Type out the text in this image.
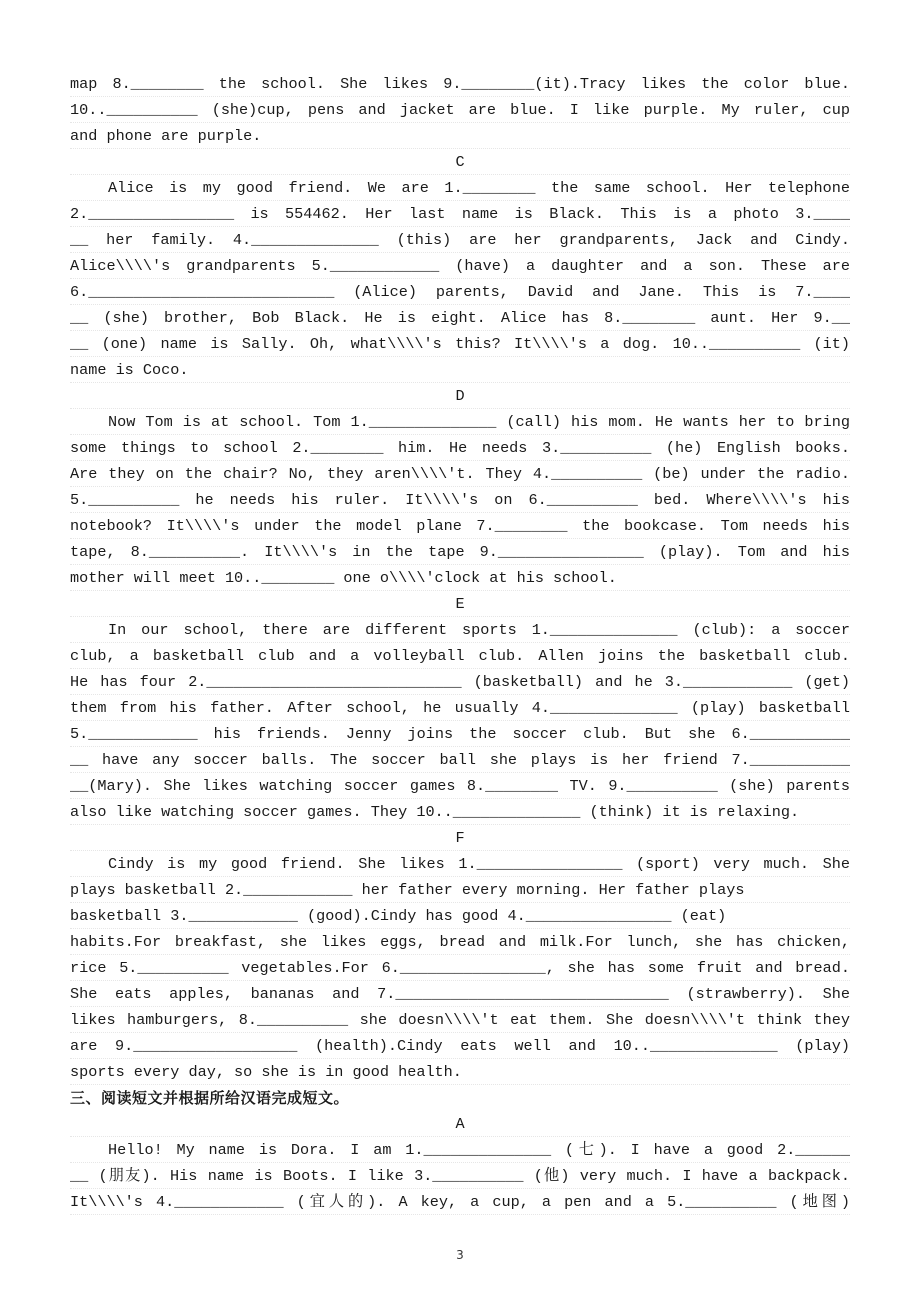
map 8.________ the school. She likes 9.________(it).Tracy likes the color blue.
10..__________ (she)cup, pens and jacket are blue. I like purple. My ruler, cup
and phone are purple.
C
Alice is my good friend. We are 1.________ the same school. Her telephone
2.________________ is 554462. Her last name is Black. This is a photo 3.____
__ her family. 4.______________ (this) are her grandparents, Jack and Cindy.
Alice\\\\'s grandparents 5.____________ (have) a daughter and a son. These are
6.___________________________ (Alice) parents, David and Jane. This is 7.____
__ (she) brother, Bob Black. He is eight. Alice has 8.________ aunt. Her 9.__
__ (one) name is Sally. Oh, what\\\\'s this? It\\\\'s a dog. 10..__________ (it)
name is Coco.
D
Now Tom is at school. Tom 1.______________ (call) his mom. He wants her to bring
some things to school 2.________ him. He needs 3.__________ (he) English books.
Are they on the chair? No, they aren\\\\'t. They 4.__________ (be) under the radio.
5.__________ he needs his ruler. It\\\\'s on 6.__________ bed. Where\\\\'s his
notebook? It\\\\'s under the model plane 7.________ the bookcase. Tom needs his
tape, 8.__________. It\\\\'s in the tape 9.________________ (play). Tom and his
mother will meet 10..________ one o\\\\'clock at his school.
E
In our school, there are different sports 1.______________ (club): a soccer
club, a basketball club and a volleyball club. Allen joins the basketball club.
He has four 2.____________________________ (basketball) and he 3.____________ (get)
them from his father. After school, he usually 4.______________ (play) basketball
5.____________ his friends. Jenny joins the soccer club. But she 6.___________
__ have any soccer balls. The soccer ball she plays is her friend 7.___________
__(Mary). She likes watching soccer games 8.________ TV. 9.__________ (she) parents
also like watching soccer games. They 10..______________ (think) it is relaxing.
F
Cindy is my good friend. She likes 1.________________ (sport) very much. She
plays basketball 2.____________ her father every morning. Her father plays
basketball 3.____________ (good).Cindy has good 4.________________ (eat)
habits.For breakfast, she likes eggs, bread and milk.For lunch, she has chicken,
rice 5.__________ vegetables.For 6.________________, she has some fruit and bread.
She eats apples, bananas and 7.______________________________ (strawberry). She
likes hamburgers, 8.__________ she doesn\\\\'t eat them. She doesn\\\\'t think they
are 9.__________________ (health).Cindy eats well and 10..______________ (play)
sports every day, so she is in good health.
三、阅读短文并根据所给汉语完成短文。
A
Hello! My name is Dora. I am 1.______________ (七). I have a good 2.______
__ (朋友). His name is Boots. I like 3.__________ (他) very much. I have a backpack.
It\\\\'s 4.____________ (宜人的). A key, a cup, a pen and a 5.__________ (地图)
3
